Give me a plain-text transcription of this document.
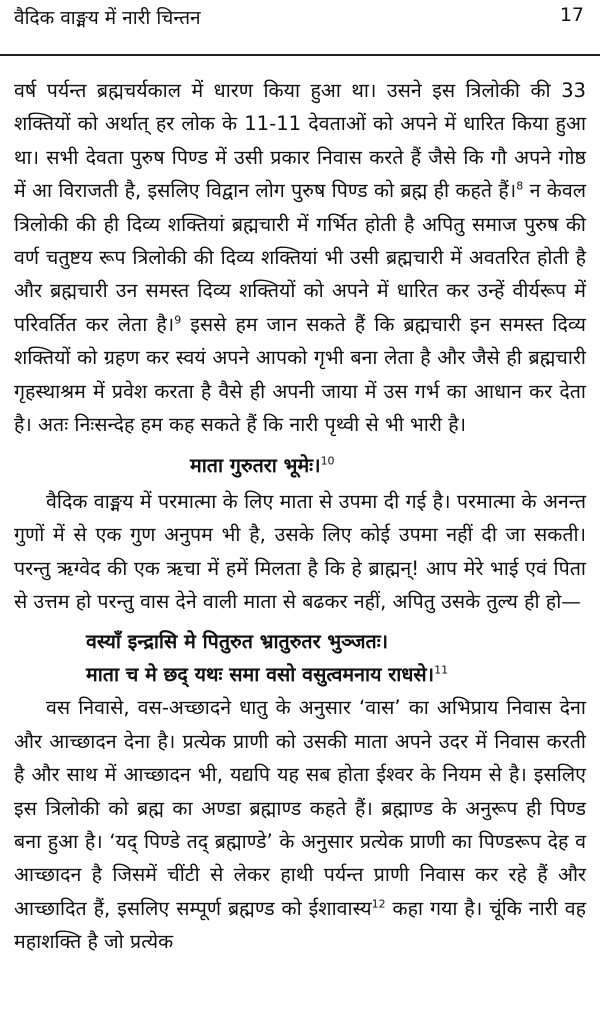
वैदिक वाङ्मय में नारी चिन्तन	17

वर्ष पर्यन्त ब्रह्मचर्यकाल में धारण किया हुआ था। उसने इस त्रिलोकी की 33 शक्तियों को अर्थात् हर लोक के 11-11 देवताओं को अपने में धारित किया हुआ था। सभी देवता पुरुष पिण्ड में उसी प्रकार निवास करते हैं जैसे कि गौ अपने गोष्ठ में आ विराजती है, इसलिए विद्वान लोग पुरुष पिण्ड को ब्रह्म ही कहते हैं।$^8$ न केवल त्रिलोकी की ही दिव्य शक्तियां ब्रह्मचारी में गर्भित होती है अपितु समाज पुरुष की वर्ण चतुष्टय रूप त्रिलोकी की दिव्य शक्तियां भी उसी ब्रह्मचारी में अवतरित होती है और ब्रह्मचारी उन समस्त दिव्य शक्तियों को अपने में धारित कर उन्हें वीर्यरूप में परिवर्तित कर लेता है।$^9$ इससे हम जान सकते हैं कि ब्रह्मचारी इन समस्त दिव्य शक्तियों को ग्रहण कर स्वयं अपने आपको गृभी बना लेता है और जैसे ही ब्रह्मचारी गृहस्थाश्रम में प्रवेश करता है वैसे ही अपनी जाया में उस गर्भ का आधान कर देता है। अतः निःसन्देह हम कह सकते हैं कि नारी पृथ्वी से भी भारी है।

माता गुरुतरा भूमेः।$^{10}$

वैदिक वाङ्मय में परमात्मा के लिए माता से उपमा दी गई है। परमात्मा के अनन्त गुणों में से एक गुण अनुपम भी है, उसके लिए कोई उपमा नहीं दी जा सकती। परन्तु ऋग्वेद की एक ऋचा में हमें मिलता है कि हे ब्राह्मन्! आप मेरे भाई एवं पिता से उत्तम हो परन्तु वास देने वाली माता से बढकर नहीं, अपितु उसके तुल्य ही हो—

वस्याँ इन्द्रासि मे पितुरुत भ्रातुरुतर भुञ्जतः।

माता च मे छद् यथः समा वसो वसुत्वमनाय राधसे।$^{11}$

वस निवासे, वस-अच्छादने धातु के अनुसार ‘वास’ का अभिप्राय निवास देना और आच्छादन देना है। प्रत्येक प्राणी को उसकी माता अपने उदर में निवास करती है और साथ में आच्छादन भी, यद्यपि यह सब होता ईश्वर के नियम से है। इसलिए इस त्रिलोकी को ब्रह्म का अण्डा ब्रह्माण्ड कहते हैं। ब्रह्माण्ड के अनुरूप ही पिण्ड बना हुआ है। ‘यद् पिण्डे तद् ब्रह्माण्डे’ के अनुसार प्रत्येक प्राणी का पिण्डरूप देह व आच्छादन है जिसमें चींटी से लेकर हाथी पर्यन्त प्राणी निवास कर रहे हैं और आच्छादित हैं, इसलिए सम्पूर्ण ब्रह्मण्ड को ईशावास्य$^{12}$ कहा गया है। चूंकि नारी वह महाशक्ति है जो प्रत्येक
